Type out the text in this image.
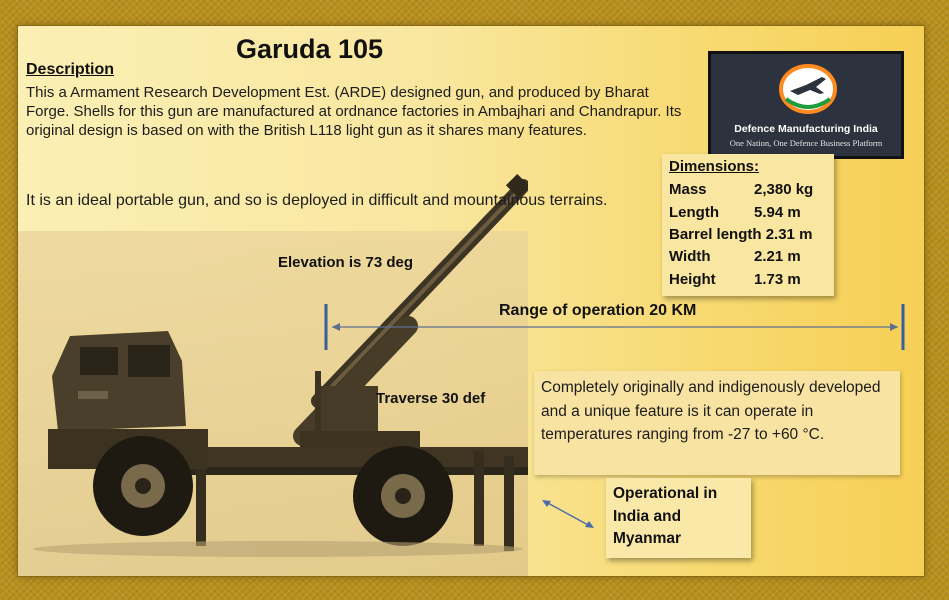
Garuda 105
Description
This a Armament Research Development Est. (ARDE) designed gun, and produced by Bharat Forge. Shells for this gun are manufactured at ordnance factories in Ambajhari and Chandrapur. Its original design is based on with the British L118 light gun as it shares many features.
It is an ideal portable gun, and so is deployed in difficult and mountainous terrains.
Defence Manufacturing India
One Nation, One Defence Business Platform
Dimensions:
Mass	2,380 kg
Length 5.94 m
Barrel length 2.31 m
Width	2.21 m
Height	1.73 m
Elevation is 73 deg
Range of operation 20 KM
Traverse 30 def
Completely originally and indigenously developed and a unique feature is it can operate in temperatures ranging from -27 to +60 °C.
Operational in India and Myanmar
